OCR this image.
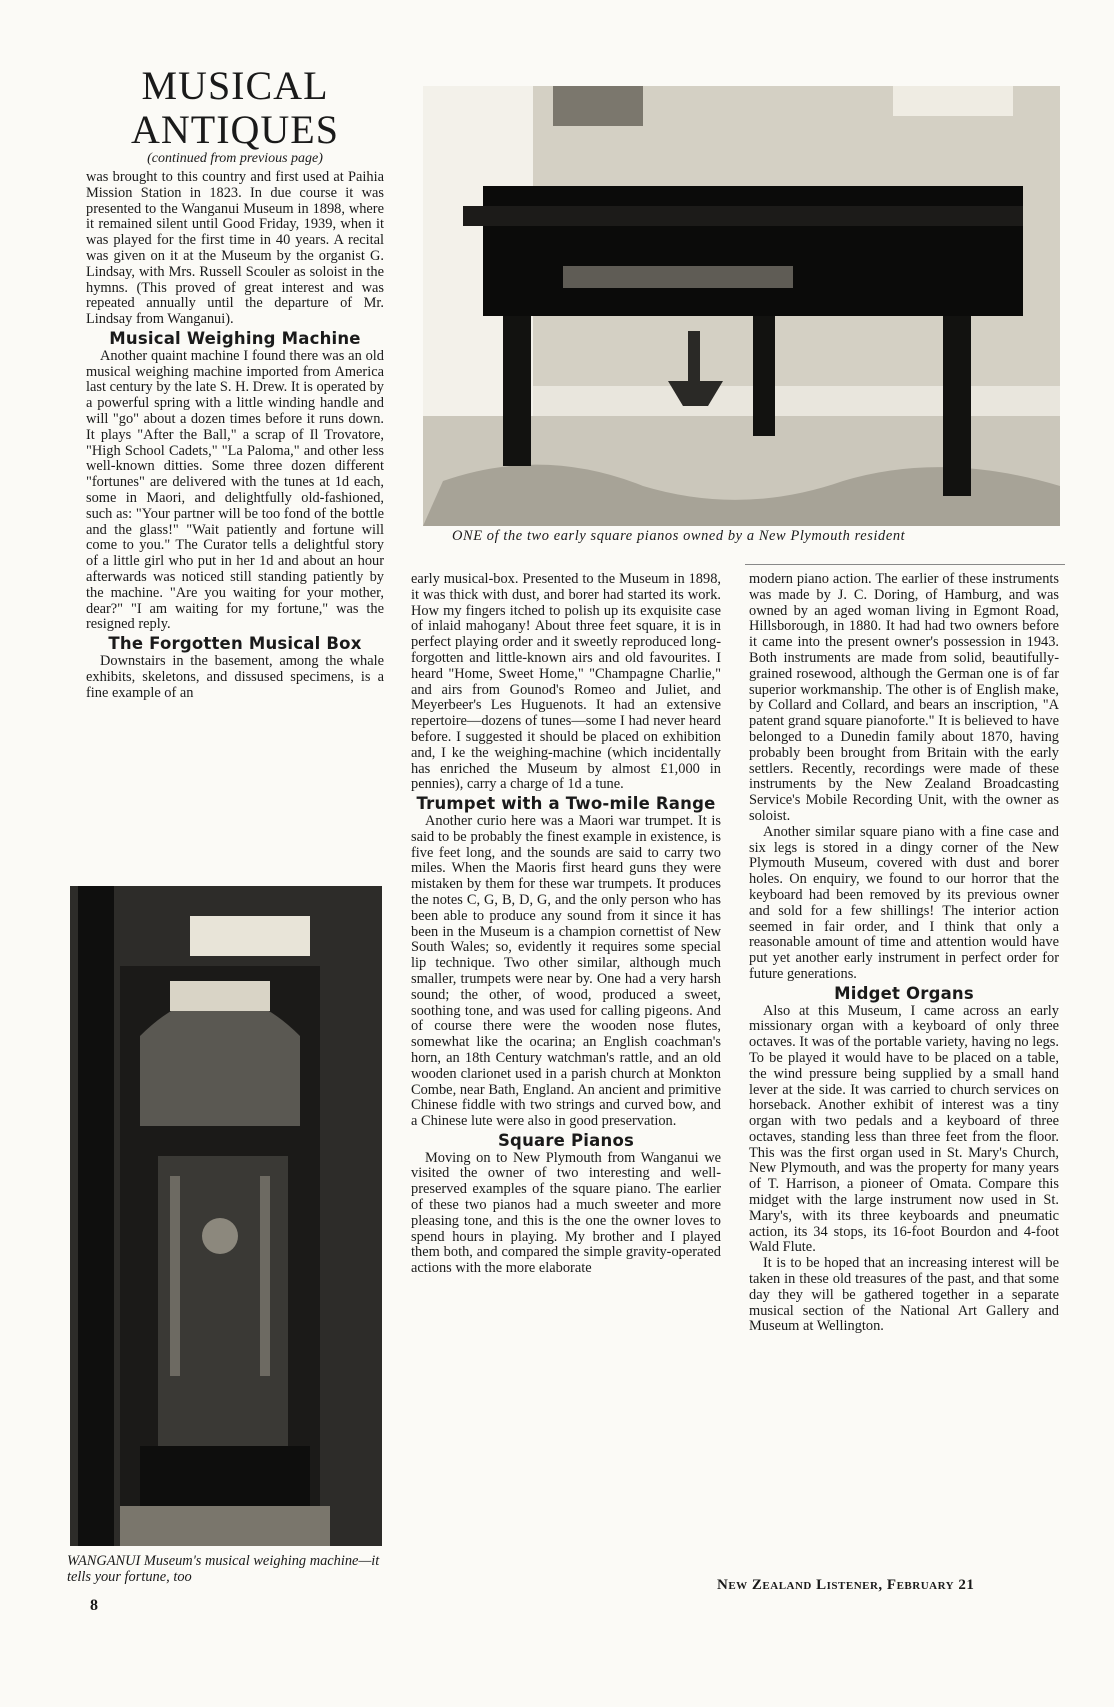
MUSICAL
ANTIQUES
(continued from previous page)

was brought to this country and first used at Paihia Mission Station in 1823. In due course it was presented to the Wanganui Museum in 1898, where it remained silent until Good Friday, 1939, when it was played for the first time in 40 years. A recital was given on it at the Museum by the organist G. Lindsay, with Mrs. Russell Scouler as soloist in the hymns. (This proved of great interest and was repeated annually until the departure of Mr. Lindsay from Wanganui).

Musical Weighing Machine

Another quaint machine I found there was an old musical weighing machine imported from America last century by the late S. H. Drew. It is operated by a powerful spring with a little winding handle and will "go" about a dozen times before it runs down. It plays "After the Ball," a scrap of Il Trovatore, "High School Cadets," "La Paloma," and other less well-known ditties. Some three dozen different "fortunes" are delivered with the tunes at 1d each, some in Maori, and delightfully old-fashioned, such as: "Your partner will be too fond of the bottle and the glass!" "Wait patiently and fortune will come to you." The Curator tells a delightful story of a little girl who put in her 1d and about an hour afterwards was noticed still standing patiently by the machine. "Are you waiting for your mother, dear?" "I am waiting for my fortune," was the resigned reply.

The Forgotten Musical Box

Downstairs in the basement, among the whale exhibits, skeletons, and dissused specimens, is a fine example of an

WANGANUI Museum's musical weighing machine—it tells your fortune, too
ONE of the two early square pianos owned by a New Plymouth resident

early musical-box. Presented to the Museum in 1898, it was thick with dust, and borer had started its work. How my fingers itched to polish up its exquisite case of inlaid mahogany! About three feet square, it is in perfect playing order and it sweetly reproduced long-forgotten and little-known airs and old favourites. I heard "Home, Sweet Home," "Champagne Charlie," and airs from Gounod's Romeo and Juliet, and Meyerbeer's Les Huguenots. It had an extensive repertoire—dozens of tunes—some I had never heard before. I suggested it should be placed on exhibition and, I ke the weighing-machine (which incidentally has enriched the Museum by almost £1,000 in pennies), carry a charge of 1d a tune.

Trumpet with a Two-mile Range

Another curio here was a Maori war trumpet. It is said to be probably the finest example in existence, is five feet long, and the sounds are said to carry two miles. When the Maoris first heard guns they were mistaken by them for these war trumpets. It produces the notes C, G, B, D, G, and the only person who has been able to produce any sound from it since it has been in the Museum is a champion cornettist of New South Wales; so, evidently it requires some special lip technique. Two other similar, although much smaller, trumpets were near by. One had a very harsh sound; the other, of wood, produced a sweet, soothing tone, and was used for calling pigeons. And of course there were the wooden nose flutes, somewhat like the ocarina; an English coachman's horn, an 18th Century watchman's rattle, and an old wooden clarionet used in a parish church at Monkton Combe, near Bath, England. An ancient and primitive Chinese fiddle with two strings and curved bow, and a Chinese lute were also in good preservation.

Square Pianos

Moving on to New Plymouth from Wanganui we visited the owner of two interesting and well-preserved examples of the square piano. The earlier of these two pianos had a much sweeter and more pleasing tone, and this is the one the owner loves to spend hours in playing. My brother and I played them both, and compared the simple gravity-operated actions with the more elaborate

modern piano action. The earlier of these instruments was made by J. C. Doring, of Hamburg, and was owned by an aged woman living in Egmont Road, Hillsborough, in 1880. It had had two owners before it came into the present owner's possession in 1943. Both instruments are made from solid, beautifully-grained rosewood, although the German one is of far superior workmanship. The other is of English make, by Collard and Collard, and bears an inscription, "A patent grand square pianoforte." It is believed to have belonged to a Dunedin family about 1870, having probably been brought from Britain with the early settlers. Recently, recordings were made of these instruments by the New Zealand Broadcasting Service's Mobile Recording Unit, with the owner as soloist.

Another similar square piano with a fine case and six legs is stored in a dingy corner of the New Plymouth Museum, covered with dust and borer holes. On enquiry, we found to our horror that the keyboard had been removed by its previous owner and sold for a few shillings! The interior action seemed in fair order, and I think that only a reasonable amount of time and attention would have put yet another early instrument in perfect order for future generations.

Midget Organs

Also at this Museum, I came across an early missionary organ with a keyboard of only three octaves. It was of the portable variety, having no legs. To be played it would have to be placed on a table, the wind pressure being supplied by a small hand lever at the side. It was carried to church services on horseback. Another exhibit of interest was a tiny organ with two pedals and a keyboard of three octaves, standing less than three feet from the floor. This was the first organ used in St. Mary's Church, New Plymouth, and was the property for many years of T. Harrison, a pioneer of Omata. Compare this midget with the large instrument now used in St. Mary's, with its three keyboards and pneumatic action, its 34 stops, its 16-foot Bourdon and 4-foot Wald Flute.

It is to be hoped that an increasing interest will be taken in these old treasures of the past, and that some day they will be gathered together in a separate musical section of the National Art Gallery and Museum at Wellington.

8
New Zealand Listener, February 21
